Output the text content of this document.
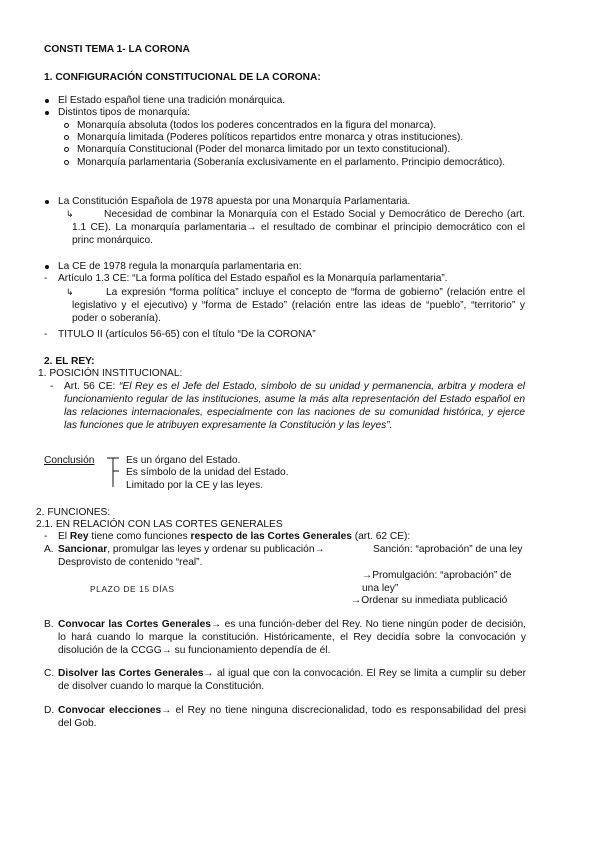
CONSTI TEMA 1- LA CORONA
1. CONFIGURACIÓN CONSTITUCIONAL DE LA CORONA:
El Estado español tiene una tradición monárquica.
Distintos tipos de monarquía:
Monarquía absoluta (todos los poderes concentrados en la figura del monarca).
Monarquía limitada (Poderes políticos repartidos entre monarca y otras instituciones).
Monarquía Constitucional (Poder del monarca limitado por un texto constitucional).
Monarquía parlamentaria (Soberanía exclusivamente en el parlamento. Principio democrático).
La Constitución Española de 1978 apuesta por una Monarquía Parlamentaria.
↳	Necesidad de combinar la Monarquía con el Estado Social y Democrático de Derecho (art. 1.1 CE). La monarquía parlamentaria→ el resultado de combinar el principio democrático con el princ monárquico.
La CE de 1978 regula la monarquía parlamentaria en:
- Artículo 1.3 CE: “La forma política del Estado español es la Monarquía parlamentaria”.
↳	La expresión “forma política” incluye el concepto de “forma de gobierno” (relación entre el legislativo y el ejecutivo) y “forma de Estado” (relación entre las ideas de “pueblo”, “territorio” y poder o soberanía).
- TITULO II (artículos 56-65) con el título “De la CORONA”
2. EL REY:
1. POSICIÓN INSTITUCIONAL:
- Art. 56 CE: “El Rey es el Jefe del Estado, símbolo de su unidad y permanencia, arbitra y modera el funcionamiento regular de las instituciones, asume la más alta representación del Estado español en las relaciones internacionales, especialmente con las naciones de su comunidad histórica, y ejerce las funciones que le atribuyen expresamente la Constitución y las leyes”.
Conclusión	Es un órgano del Estado.
Es símbolo de la unidad del Estado.
Limitado por la CE y las leyes.
2. FUNCIONES:
2.1. EN RELACIÓN CON LAS CORTES GENERALES
- El Rey tiene como funciones respecto de las Cortes Generales (art. 62 CE):
A. Sancionar, promulgar las leyes y ordenar su publicación→ Desprovisto de contenido “real”.
Sanción: “aprobación” de una ley
PLAZO DE 15 DÍAS
→Promulgación: “aprobación” de una ley”
→Ordenar su inmediata publicació
B. Convocar las Cortes Generales→ es una función-deber del Rey. No tiene ningún poder de decisión, lo hará cuando lo marque la constitución. Históricamente, el Rey decidía sobre la convocación y disolución de la CCGG→ su funcionamiento dependía de él.
C. Disolver las Cortes Generales→ al igual que con la convocación. El Rey se limita a cumplir su deber de disolver cuando lo marque la Constitución.
D. Convocar elecciones→ el Rey no tiene ninguna discrecionalidad, todo es responsabilidad del presi del Gob.
